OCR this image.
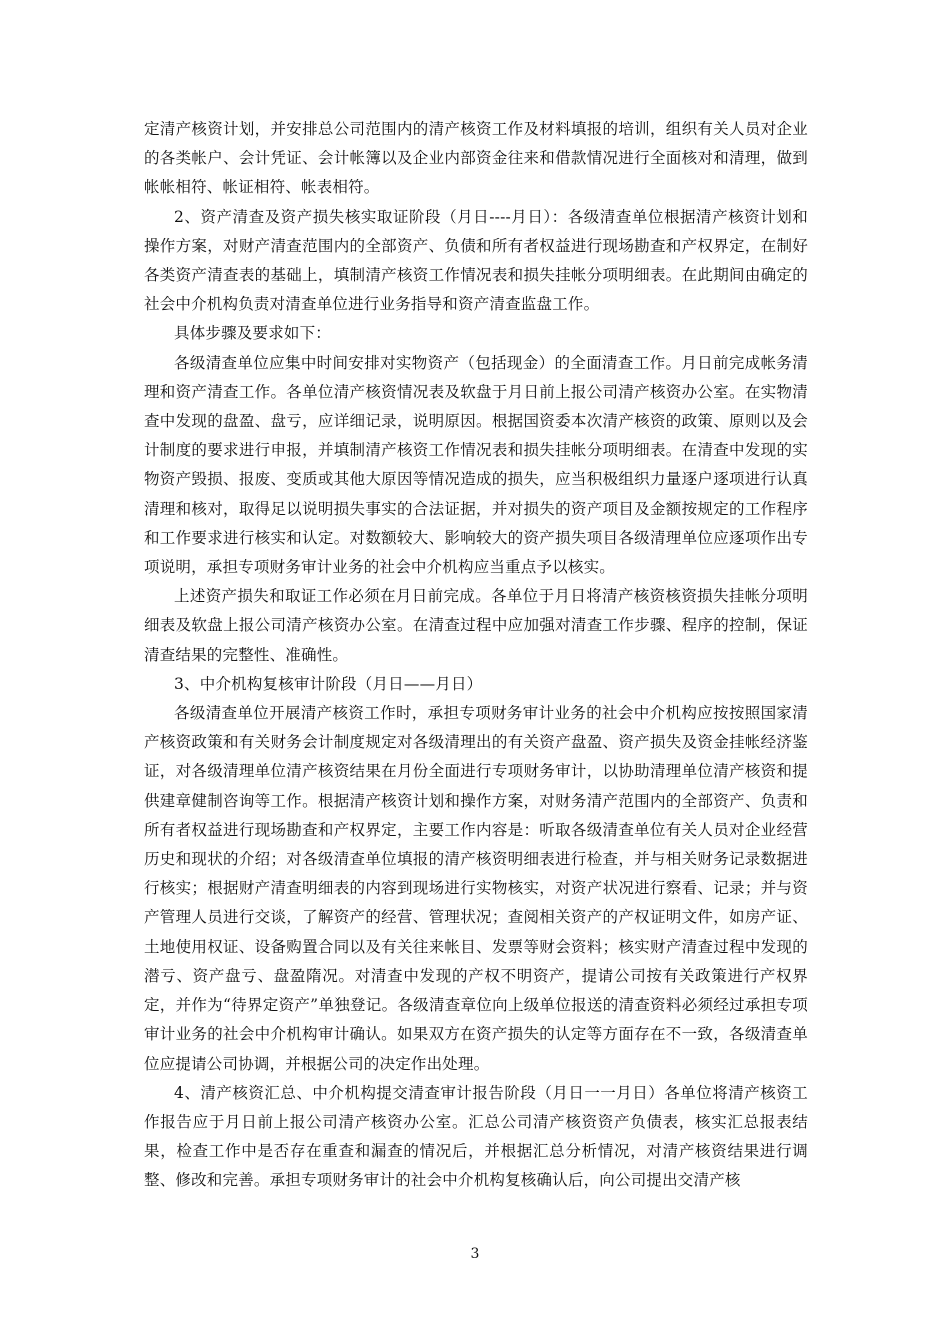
定清产核资计划，并安排总公司范围内的清产核资工作及材料填报的培训，组织有关人员对企业的各类帐户、会计凭证、会计帐簿以及企业内部资金往来和借款情况进行全面核对和清理，做到帐帐相符、帐证相符、帐表相符。

2、资产清查及资产损失核实取证阶段（月日----月日）：各级清查单位根据清产核资计划和操作方案，对财产清查范围内的全部资产、负债和所有者权益进行现场勘查和产权界定，在制好各类资产清查表的基础上，填制清产核资工作情况表和损失挂帐分项明细表。在此期间由确定的社会中介机构负责对清查单位进行业务指导和资产清查监盘工作。

具体步骤及要求如下：

各级清查单位应集中时间安排对实物资产（包括现金）的全面清查工作。月日前完成帐务清理和资产清查工作。各单位清产核资情况表及软盘于月日前上报公司清产核资办公室。在实物清查中发现的盘盈、盘亏，应详细记录，说明原因。根据国资委本次清产核资的政策、原则以及会计制度的要求进行申报，并填制清产核资工作情况表和损失挂帐分项明细表。在清查中发现的实物资产毁损、报废、变质或其他大原因等情况造成的损失，应当积极组织力量逐户逐项进行认真清理和核对，取得足以说明损失事实的合法证据，并对损失的资产项目及金额按规定的工作程序和工作要求进行核实和认定。对数额较大、影响较大的资产损失项目各级清理单位应逐项作出专项说明，承担专项财务审计业务的社会中介机构应当重点予以核实。

上述资产损失和取证工作必须在月日前完成。各单位于月日将清产核资核资损失挂帐分项明细表及软盘上报公司清产核资办公室。在清查过程中应加强对清查工作步骤、程序的控制，保证清查结果的完整性、准确性。

3、中介机构复核审计阶段（月日——月日）

各级清查单位开展清产核资工作时，承担专项财务审计业务的社会中介机构应按按照国家清产核资政策和有关财务会计制度规定对各级清理出的有关资产盘盈、资产损失及资金挂帐经济鉴证，对各级清理单位清产核资结果在月份全面进行专项财务审计，以协助清理单位清产核资和提供建章健制咨询等工作。根据清产核资计划和操作方案，对财务清产范围内的全部资产、负责和所有者权益进行现场勘查和产权界定，主要工作内容是：听取各级清查单位有关人员对企业经营历史和现状的介绍；对各级清查单位填报的清产核资明细表进行检查，并与相关财务记录数据进行核实；根据财产清查明细表的内容到现场进行实物核实，对资产状况进行察看、记录；并与资产管理人员进行交谈，了解资产的经营、管理状况；查阅相关资产的产权证明文件，如房产证、土地使用权证、设备购置合同以及有关往来帐目、发票等财会资料；核实财产清查过程中发现的潜亏、资产盘亏、盘盈隋况。对清查中发现的产权不明资产，提请公司按有关政策进行产权界定，并作为“待界定资产”单独登记。各级清查章位向上级单位报送的清查资料必须经过承担专项审计业务的社会中介机构审计确认。如果双方在资产损失的认定等方面存在不一致，各级清查单位应提请公司协调，并根据公司的决定作出处理。

4、清产核资汇总、中介机构提交清查审计报告阶段（月日一一月日）各单位将清产核资工作报告应于月日前上报公司清产核资办公室。汇总公司清产核资资产负债表，核实汇总报表结果，检查工作中是否存在重查和漏查的情况后，并根据汇总分析情况，对清产核资结果进行调整、修改和完善。承担专项财务审计的社会中介机构复核确认后，向公司提出交清产核

3
